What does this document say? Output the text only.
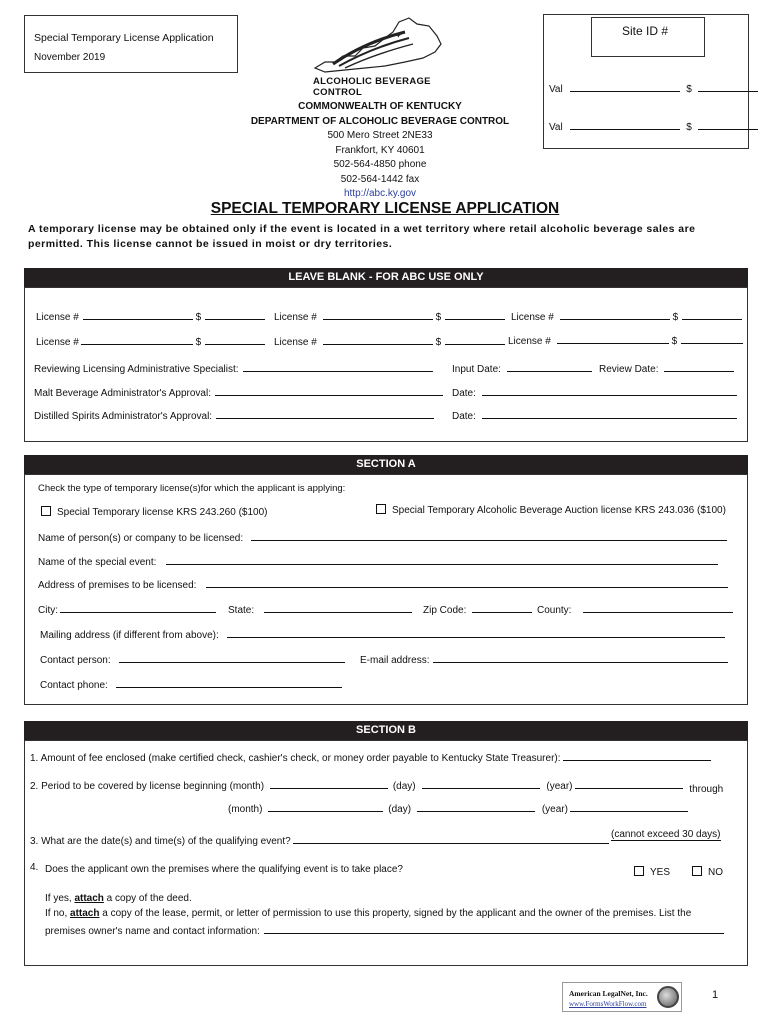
Special Temporary License Application
November 2019
✦
ALCOHOLIC BEVERAGE CONTROL
Site ID #
Val	$
Val	$
COMMONWEALTH OF KENTUCKY
DEPARTMENT OF ALCOHOLIC BEVERAGE CONTROL
500 Mero Street 2NE33
Frankfort, KY 40601
502-564-4850 phone
502-564-1442 fax
http://abc.ky.gov
SPECIAL TEMPORARY LICENSE APPLICATION
A temporary license may be obtained only if the event is located in a wet territory where retail alcoholic beverage sales are permitted. This license cannot be issued in moist or dry territories.
LEAVE BLANK - FOR ABC USE ONLY
License #	$	License #	$	License #	$
License #	$	License #	$	License #	$
Reviewing Licensing Administrative Specialist:	Input Date:	Review Date:
Malt Beverage Administrator's Approval:	Date:
Distilled Spirits Administrator's Approval:	Date:
SECTION A
Check the type of temporary license(s)for which the applicant is applying:
Special Temporary license KRS 243.260 ($100)	Special Temporary Alcoholic Beverage Auction license KRS 243.036 ($100)
Name of person(s) or company to be licensed:
Name of the special event:
Address of premises to be licensed:
City:	State:	Zip Code:	County:
Mailing address (if different from above):
Contact person:	E-mail address:
Contact phone:
SECTION B
1. Amount of fee enclosed (make certified check, cashier's check, or money order payable to Kentucky State Treasurer):
2. Period to be covered by license beginning (month)	(day)	(year)	through
(month)	(day)	(year)
3. What are the date(s) and time(s) of the qualifying event?
(cannot exceed 30 days)
4. Does the applicant own the premises where the qualifying event is to take place?	YES	NO
If yes, attach a copy of the deed.
If no, attach a copy of the lease, permit, or letter of permission to use this property, signed by the applicant and the owner of the premises. List the
premises owner's name and contact information:
American LegalNet, Inc.
www.FormsWorkFlow.com
1
